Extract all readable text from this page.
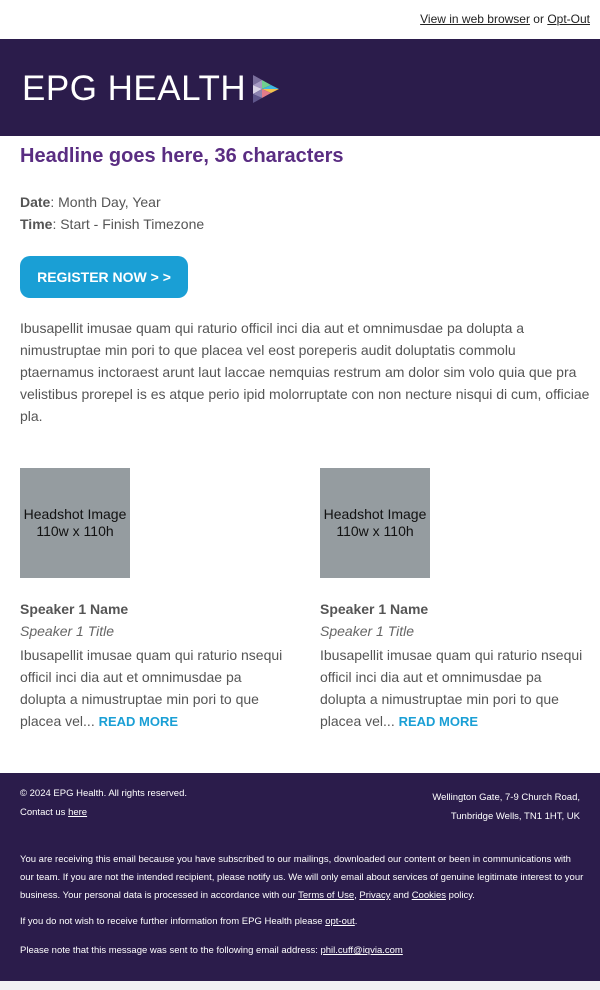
View in web browser or Opt-Out
EPG HEALTH
Headline goes here, 36 characters
Date: Month Day, Year
Time: Start - Finish Timezone
REGISTER NOW > >
Ibusapellit imusae quam qui raturio officil inci dia aut et omnimusdae pa dolupta a nimustruptae min pori to que placea vel eost poreperis audit doluptatis commolu ptaernamus inctoraest arunt laut laccae nemquias restrum am dolor sim volo quia que pra velistibus prorepel is es atque perio ipid molorruptate con non necture nisqui di cum, officiae pla.
Headshot Image
110w x 110h
Speaker 1 Name
Speaker 1 Title
Ibusapellit imusae quam qui raturio nsequi officil inci dia aut et omnimusdae pa dolupta a nimustruptae min pori to que placea vel... READ MORE
Headshot Image
110w x 110h
Speaker 1 Name
Speaker 1 Title
Ibusapellit imusae quam qui raturio nsequi officil inci dia aut et omnimusdae pa dolupta a nimustruptae min pori to que placea vel... READ MORE
© 2024 EPG Health. All rights reserved.
Contact us here
Wellington Gate, 7-9 Church Road,
Tunbridge Wells, TN1 1HT, UK
You are receiving this email because you have subscribed to our mailings, downloaded our content or been in communications with our team. If you are not the intended recipient, please notify us. We will only email about services of genuine legitimate interest to your business. Your personal data is processed in accordance with our Terms of Use, Privacy and Cookies policy.
If you do not wish to receive further information from EPG Health please opt-out.
Please note that this message was sent to the following email address: phil.cuff@iqvia.com
